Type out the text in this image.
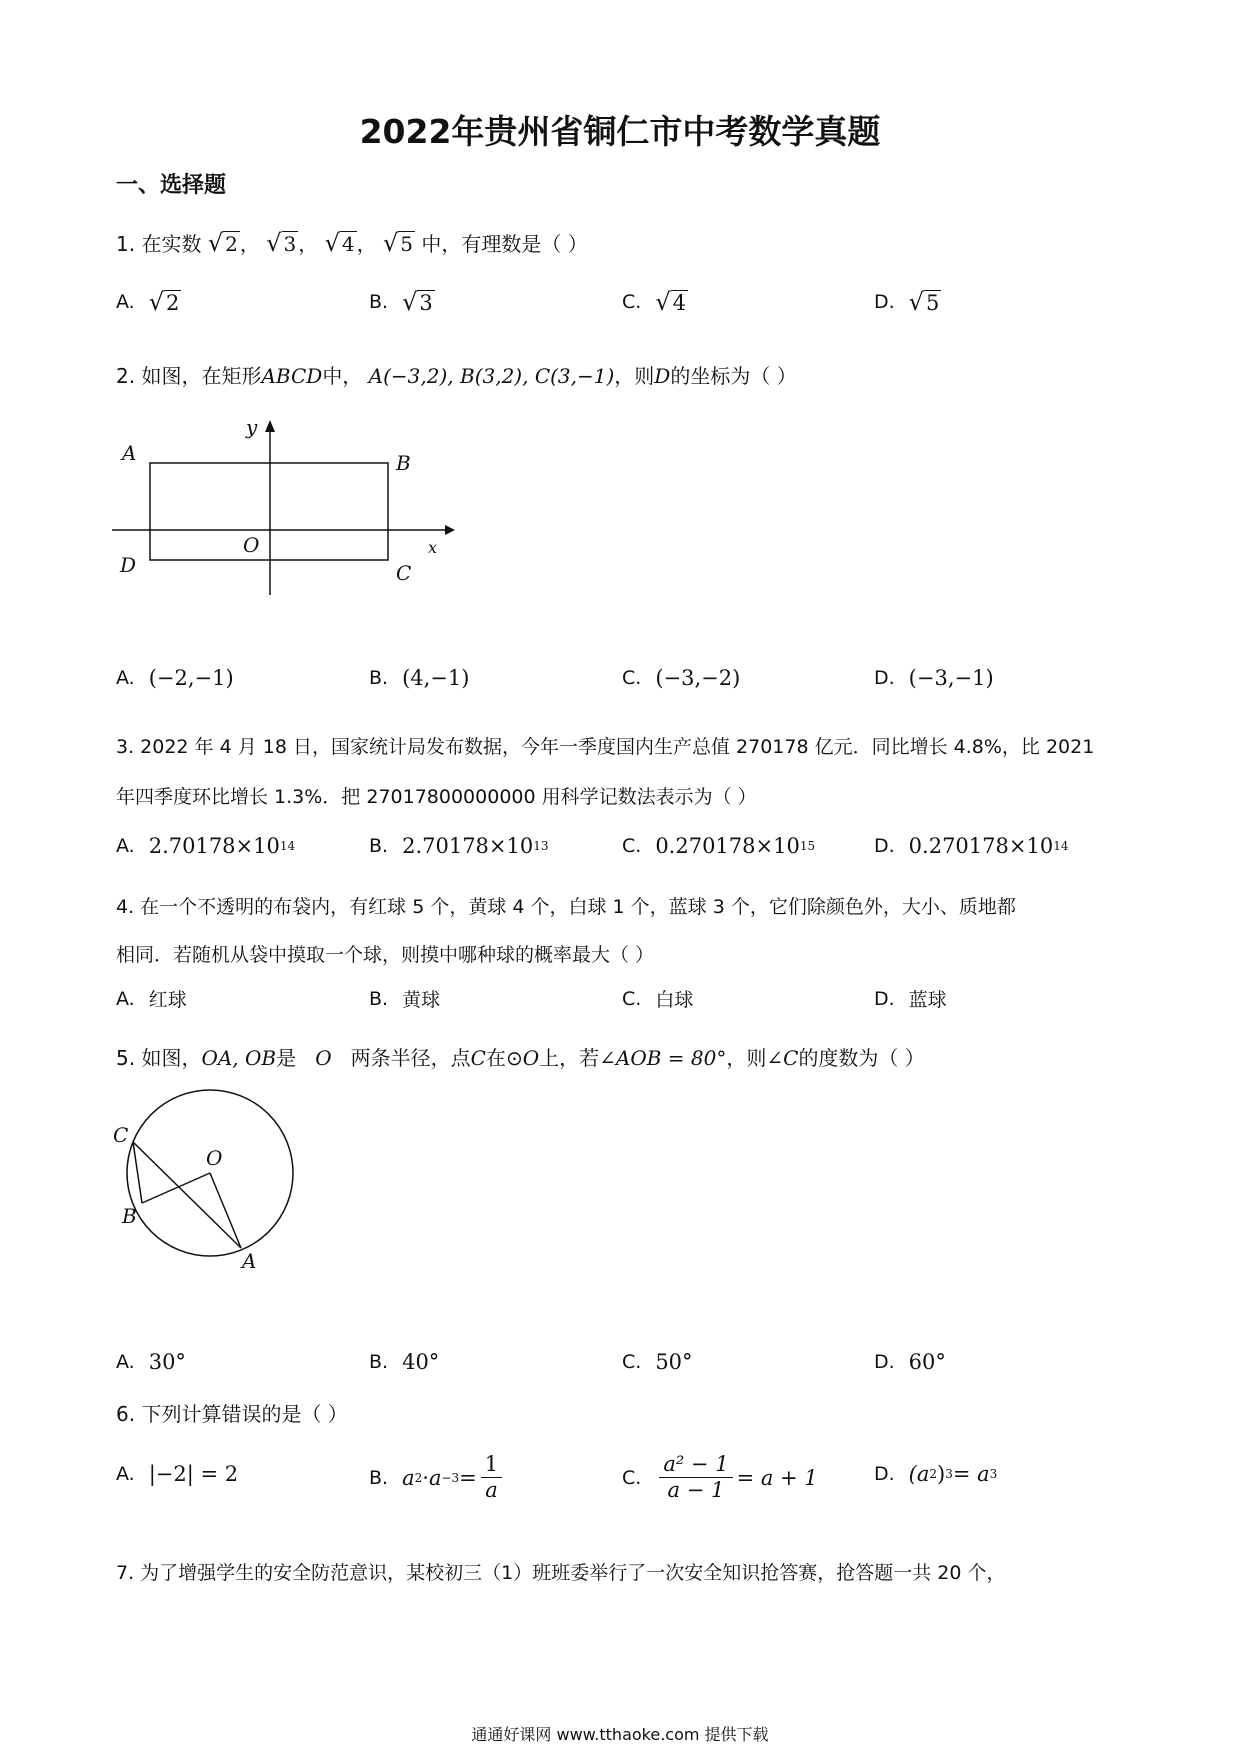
2022年贵州省铜仁市中考数学真题
一、选择题
1. 在实数 √ 2 ， √ 3 ， √ 4 ， √ 5 中，有理数是（ ）
A. √2	B. √3	C. √4	D. √5
2. 如图，在矩形ABCD中， A(−3,2), B(3,2), C(3,−1)，则D的坐标为（ ）
A	B
C
D
O	x
y
A. (−2,−1)	B. (4,−1)	C. (−3,−2)	D. (−3,−1)
3. 2022 年 4 月 18 日，国家统计局发布数据，今年一季度国内生产总值 270178 亿元．同比增长 4.8%，比 2021
年四季度环比增长 1.3%．把 27017800000000 用科学记数法表示为（ ）
A. 2.70178×10 14	B. 2.70178×10 13	C. 0.270178×10 15	D. 0.270178×10 14
4. 在一个不透明的布袋内，有红球 5 个，黄球 4 个，白球 1 个，蓝球 3 个，它们除颜色外，大小、质地都
相同．若随机从袋中摸取一个球，则摸中哪种球的概率最大（ ）
A. 红球	B. 黄球	C. 白球	D. 蓝球
5. 如图，OA, OB是 O 两条半径，点C在⊙O上，若∠AOB = 80°，则∠C的度数为（ ）
C
O
B
A
A. 30°	B. 40°	C. 50°	D. 60°
6. 下列计算错误的是（ ）
A. |−2| = 2	B. a $2 \cdot a -3 = \frac{1}{a}$	C. $\frac{\text{a² − 1}}{a - 1} = a + 1$	D. (a 2 ) 3 = a 3
7. 为了增强学生的安全防范意识，某校初三（1）班班委举行了一次安全知识抢答赛，抢答题一共 20 个，
通通好课网 www.tthaoke.com 提供下载
